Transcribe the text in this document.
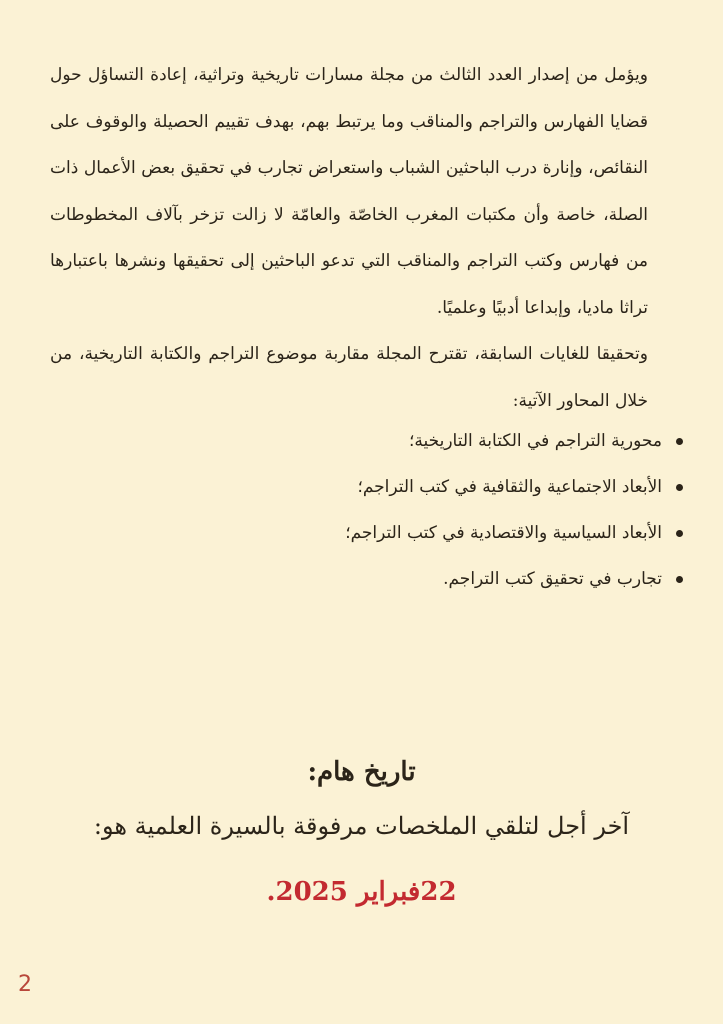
ويؤمل من إصدار العدد الثالث من مجلة مسارات تاريخية وتراثية، إعادة التساؤل حول قضايا الفهارس والتراجم والمناقب وما يرتبط بهم، بهدف تقييم الحصيلة والوقوف على النقائص، وإنارة درب الباحثين الشباب واستعراض تجارب في تحقيق بعض الأعمال ذات الصلة، خاصة وأن مكتبات المغرب الخاصّة والعامّة لا زالت تزخر بآلاف المخطوطات من فهارس وكتب التراجم والمناقب التي تدعو الباحثين إلى تحقيقها ونشرها باعتبارها تراثا ماديا، وإبداعا أدبيًا وعلميًا.

وتحقيقا للغايات السابقة، تقترح المجلة مقاربة موضوع التراجم والكتابة التاريخية، من خلال المحاور الآتية:

محورية التراجم في الكتابة التاريخية؛
الأبعاد الاجتماعية والثقافية في كتب التراجم؛
الأبعاد السياسية والاقتصادية في كتب التراجم؛
تجارب في تحقيق كتب التراجم.

تاريخ هام:

آخر أجل لتلقي الملخصات مرفوقة بالسيرة العلمية هو:

22فبراير 2025.

2
